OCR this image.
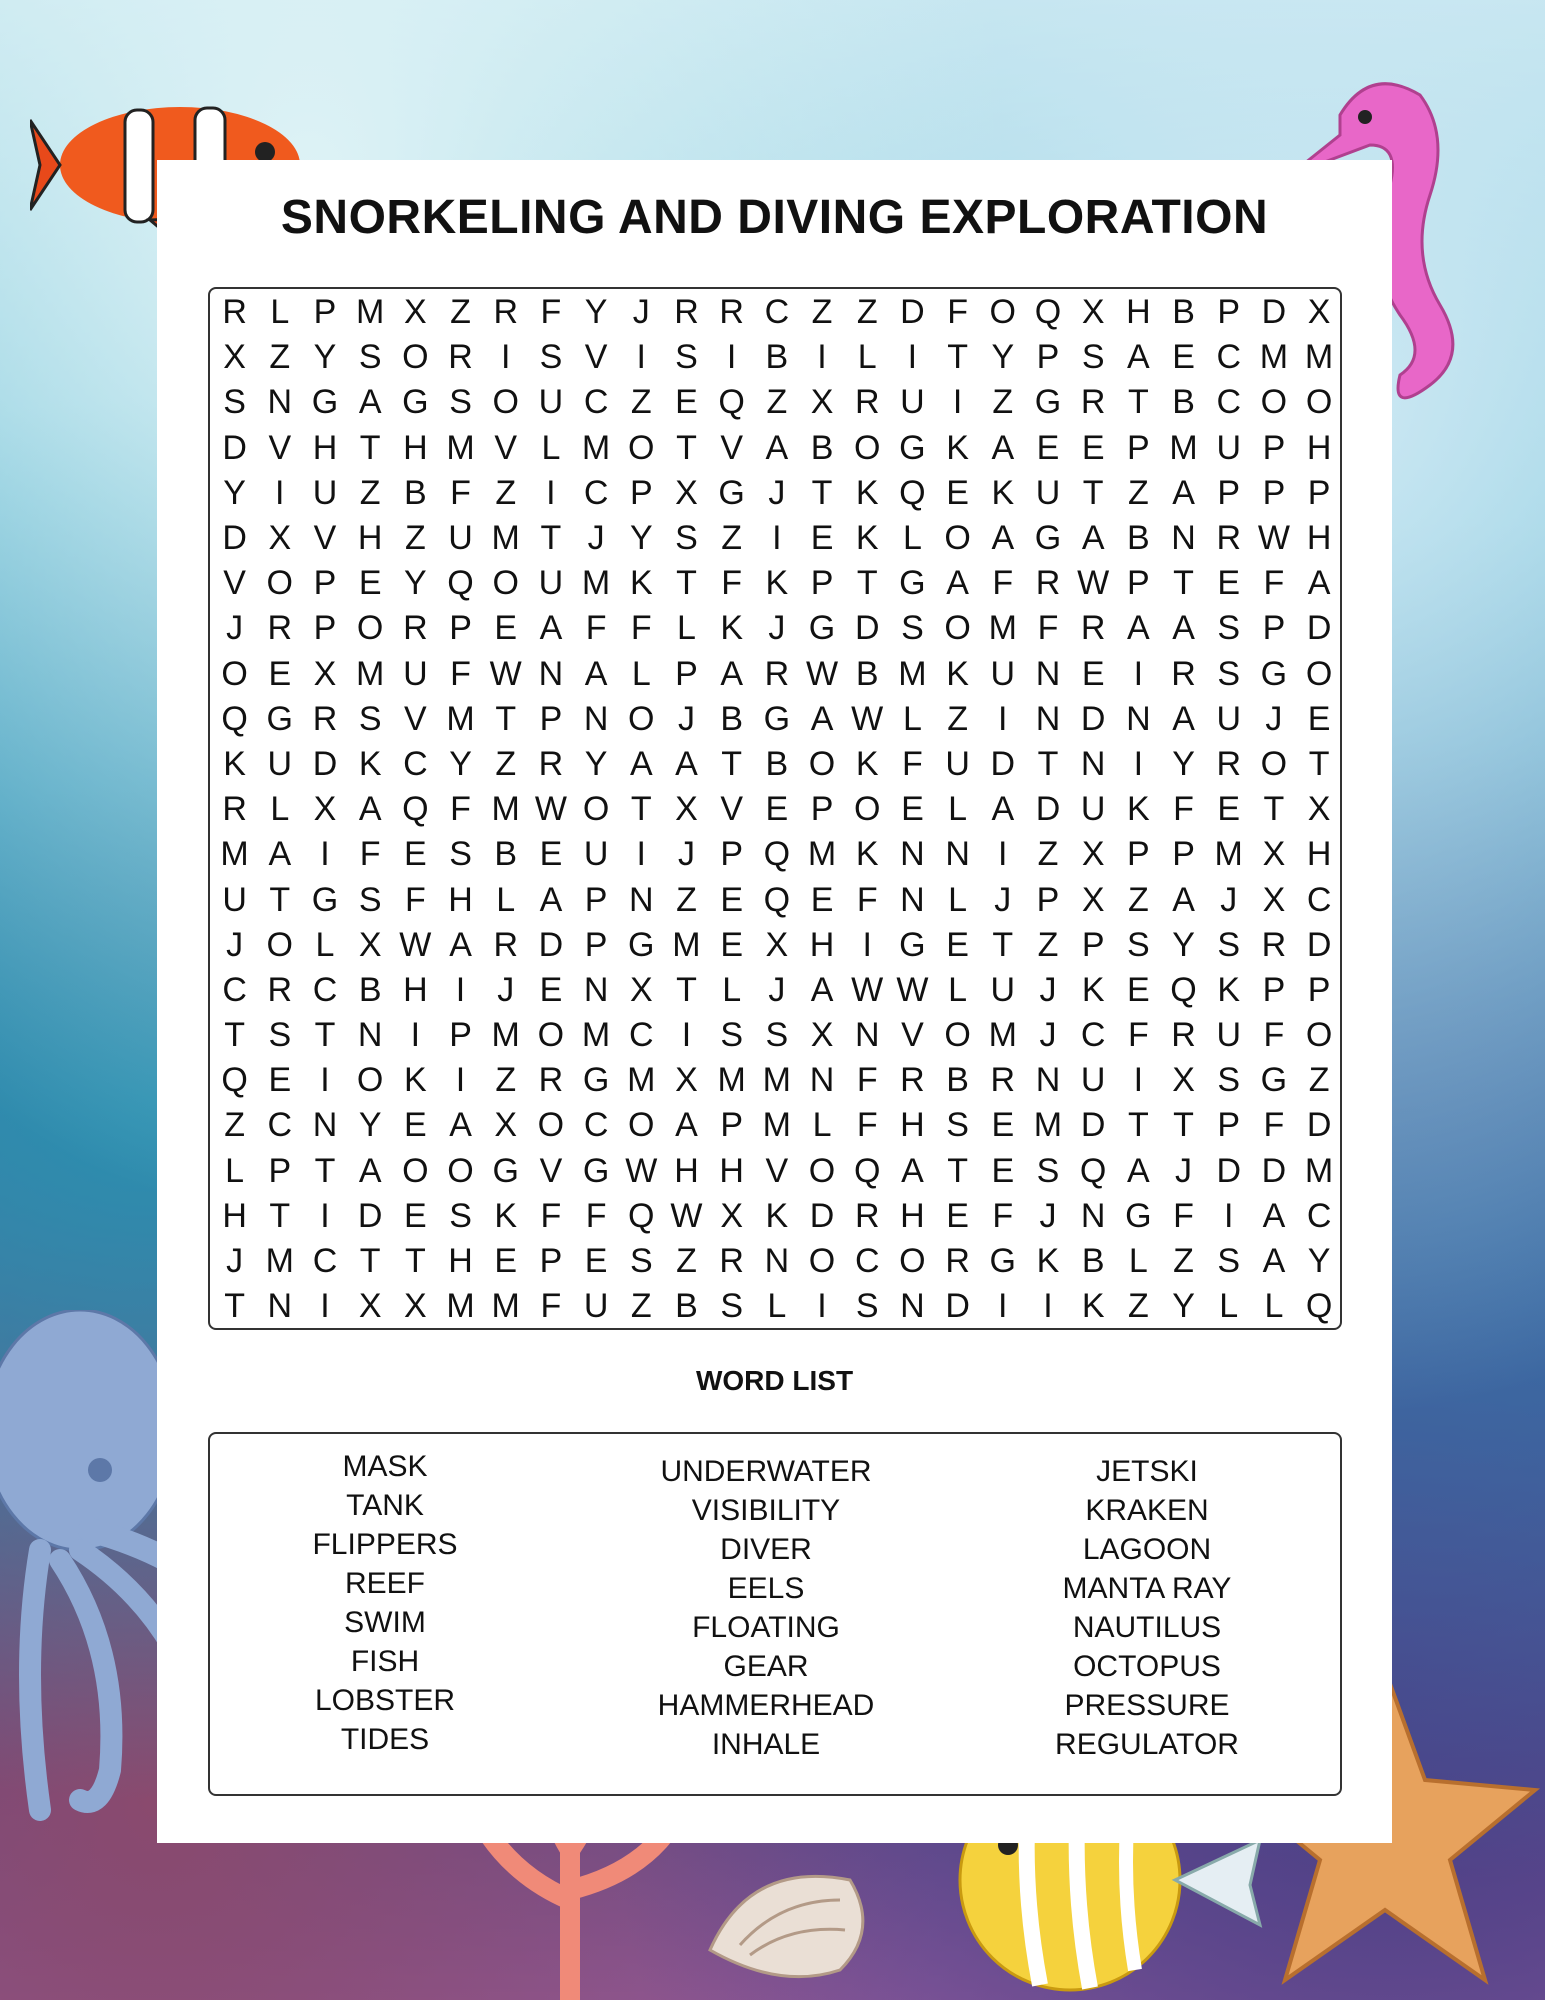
SNORKELING AND DIVING EXPLORATION
R L P M X Z R F Y J R R C Z Z D F O Q X H B P D X
X Z Y S O R I S V I S I B I L I T Y P S A E C M M
S N G A G S O U C Z E Q Z X R U I Z G R T B C O O
D V H T H M V L M O T V A B O G K A E E P M U P H
Y I U Z B F Z I C P X G J T K Q E K U T Z A P P P
D X V H Z U M T J Y S Z I E K L O A G A B N R W H
V O P E Y Q O U M K T F K P T G A F R W P T E F A
J R P O R P E A F F L K J G D S O M F R A A S P D
O E X M U F W N A L P A R W B M K U N E I R S G O
Q G R S V M T P N O J B G A W L Z I N D N A U J E
K U D K C Y Z R Y A A T B O K F U D T N I Y R O T
R L X A Q F M W O T X V E P O E L A D U K F E T X
M A I F E S B E U I J P Q M K N N I Z X P P M X H
U T G S F H L A P N Z E Q E F N L J P X Z A J X C
J O L X W A R D P G M E X H I G E T Z P S Y S R D
C R C B H I J E N X T L J A W W L U J K E Q K P P
T S T N I P M O M C I S S X N V O M J C F R U F O
Q E I O K I Z R G M X M M N F R B R N U I X S G Z
Z C N Y E A X O C O A P M L F H S E M D T T P F D
L P T A O O G V G W H H V O Q A T E S Q A J D D M
H T I D E S K F F Q W X K D R H E F J N G F I A C
J M C T T H E P E S Z R N O C O R G K B L Z S A Y
T N I X X M M F U Z B S L I S N D I	I K Z Y L L Q
WORD LIST
MASK
TANK
FLIPPERS
REEF
SWIM
FISH
LOBSTER
TIDES
UNDERWATER
VISIBILITY
DIVER
EELS
FLOATING
GEAR
HAMMERHEAD
INHALE
JETSKI
KRAKEN
LAGOON
MANTA RAY
NAUTILUS
OCTOPUS
PRESSURE
REGULATOR
